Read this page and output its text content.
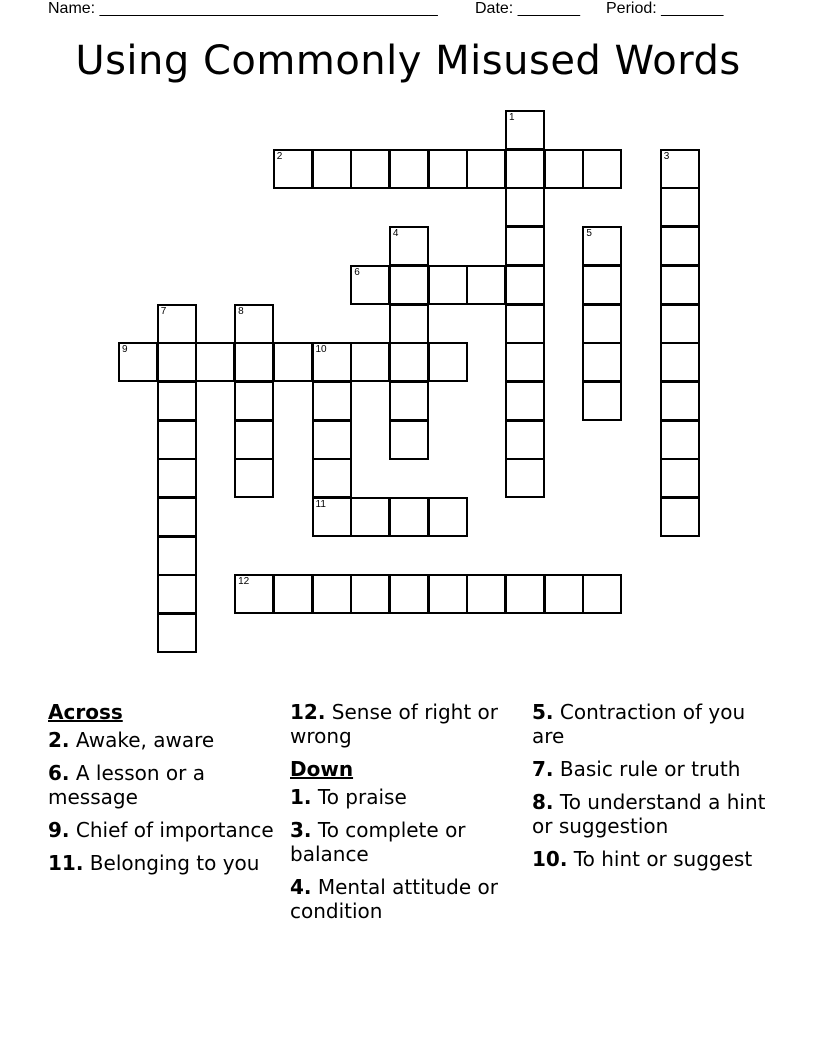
Name: ______________________________________ Date: _______ Period: _______
Using Commonly Misused Words
1
2	3
4	5
6
7	8
9	10
11
12
Across
2. Awake, aware
6. A lesson or a message
9. Chief of importance
11. Belonging to you
12. Sense of right or wrong
Down
1. To praise
3. To complete or balance
4. Mental attitude or condition
5. Contraction of you are
7. Basic rule or truth
8. To understand a hint or suggestion
10. To hint or suggest
